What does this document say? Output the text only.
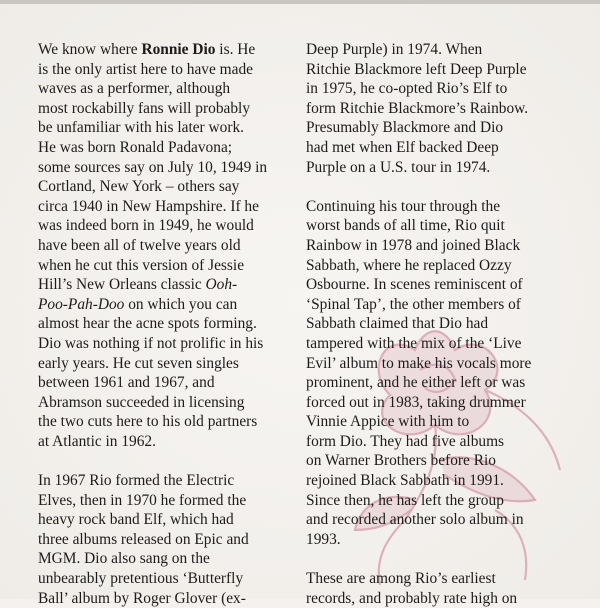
We know where Ronnie Dio is. He
is the only artist here to have made
waves as a performer, although
most rockabilly fans will probably
be unfamiliar with his later work.
He was born Ronald Padavona;
some sources say on July 10, 1949 in
Cortland, New York – others say
circa 1940 in New Hampshire. If he
was indeed born in 1949, he would
have been all of twelve years old
when he cut this version of Jessie
Hill’s New Orleans classic Ooh-
Poo-Pah-Doo on which you can
almost hear the acne spots forming.
Dio was nothing if not prolific in his
early years. He cut seven singles
between 1961 and 1967, and
Abramson succeeded in licensing
the two cuts here to his old partners
at Atlantic in 1962.
In 1967 Rio formed the Electric
Elves, then in 1970 he formed the
heavy rock band Elf, which had
three albums released on Epic and
MGM. Dio also sang on the
unbearably pretentious ‘Butterfly
Ball’ album by Roger Glover (ex-
Deep Purple) in 1974. When
Ritchie Blackmore left Deep Purple
in 1975, he co-opted Rio’s Elf to
form Ritchie Blackmore’s Rainbow.
Presumably Blackmore and Dio
had met when Elf backed Deep
Purple on a U.S. tour in 1974.
Continuing his tour through the
worst bands of all time, Rio quit
Rainbow in 1978 and joined Black
Sabbath, where he replaced Ozzy
Osbourne. In scenes reminiscent of
‘Spinal Tap’, the other members of
Sabbath claimed that Dio had
tampered with the mix of the ‘Live
Evil’ album to make his vocals more
prominent, and he either left or was
forced out in 1983, taking drummer
Vinnie Appice with him to
form Dio. They had five albums
on Warner Brothers before Rio
rejoined Black Sabbath in 1991.
Since then, he has left the group
and recorded another solo album in
1993.
These are among Rio’s earliest
records, and probably rate high on
